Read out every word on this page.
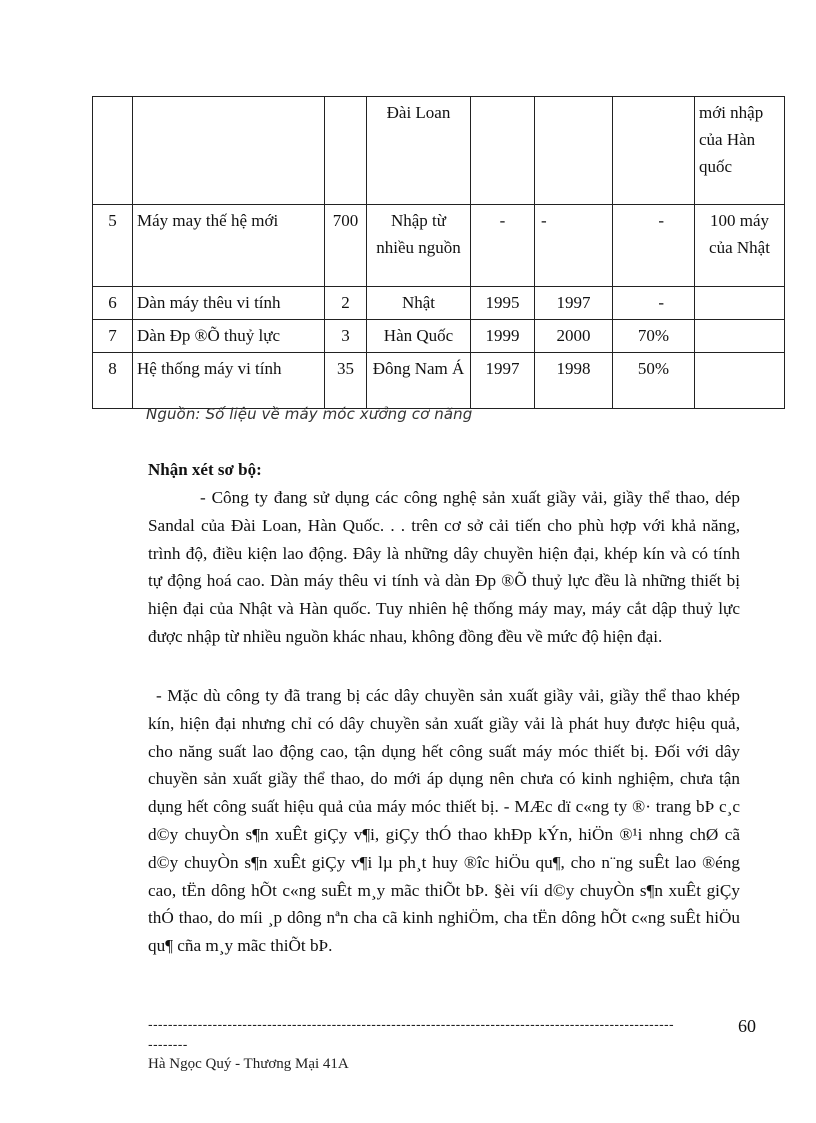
			Đài Loan				mới nhập của Hàn quốc
5	Máy may thế hệ mới	700	Nhập từ nhiều nguồn	-	-	-	100 máy của Nhật
6	Dàn máy thêu vi tính	2	Nhật	1995	1997	-	
7	Dàn Ðp ®Õ thuỷ lực	3	Hàn Quốc	1999	2000	70%	
8	Hệ thống máy vi tính	35	Đông Nam Á	1997	1998	50%	
Nguồn: Số liệu về máy móc xưởng cơ năng
Nhận xét sơ bộ:

- Công ty đang sử dụng các công nghệ sản xuất giầy vải, giầy thể thao, dép Sandal của Đài Loan, Hàn Quốc. . . trên cơ sở cải tiến cho phù hợp với khả năng, trình độ, điều kiện lao động. Đây là những dây chuyền hiện đại, khép kín và có tính tự động hoá cao. Dàn máy thêu vi tính và dàn Ðp ®Õ thuỷ lực đều là những thiết bị hiện đại của Nhật và Hàn quốc. Tuy nhiên hệ thống máy may, máy cắt dập thuỷ lực được nhập từ nhiều nguồn khác nhau, không đồng đều về mức độ hiện đại.

- Mặc dù công ty đã trang bị các dây chuyền sản xuất giầy vải, giầy thể thao khép kín, hiện đại nhưng chỉ có dây chuyền sản xuất giầy vải là phát huy được hiệu quả, cho năng suất lao động cao, tận dụng hết công suất máy móc thiết bị. Đối với dây chuyền sản xuất giầy thể thao, do mới áp dụng nên chưa có kinh nghiệm, chưa tận dụng hết công suất hiệu quả của máy móc thiết bị. - MÆc dï c«ng ty ®· trang bÞ c¸c d©y chuyÒn s¶n xuÊt giÇy v¶i, giÇy thÓ thao khÐp kÝn, hiÖn ®¹i nhng chØ cã d©y chuyÒn s¶n xuÊt giÇy v¶i lµ ph¸t huy ®îc hiÖu qu¶, cho n¨ng suÊt lao ®éng cao, tËn dông hÕt c«ng suÊt m¸y mãc thiÕt bÞ. §èi víi d©y chuyÒn s¶n xuÊt giÇy thÓ thao, do míi ¸p dông nªn cha cã kinh nghiÖm, cha tËn dông hÕt c«ng suÊt hiÖu qu¶ cña m¸y mãc thiÕt bÞ.

----------------------------------------------------------------------------------------------------------
--------
60
Hà Ngọc Quý - Thương Mại 41A
